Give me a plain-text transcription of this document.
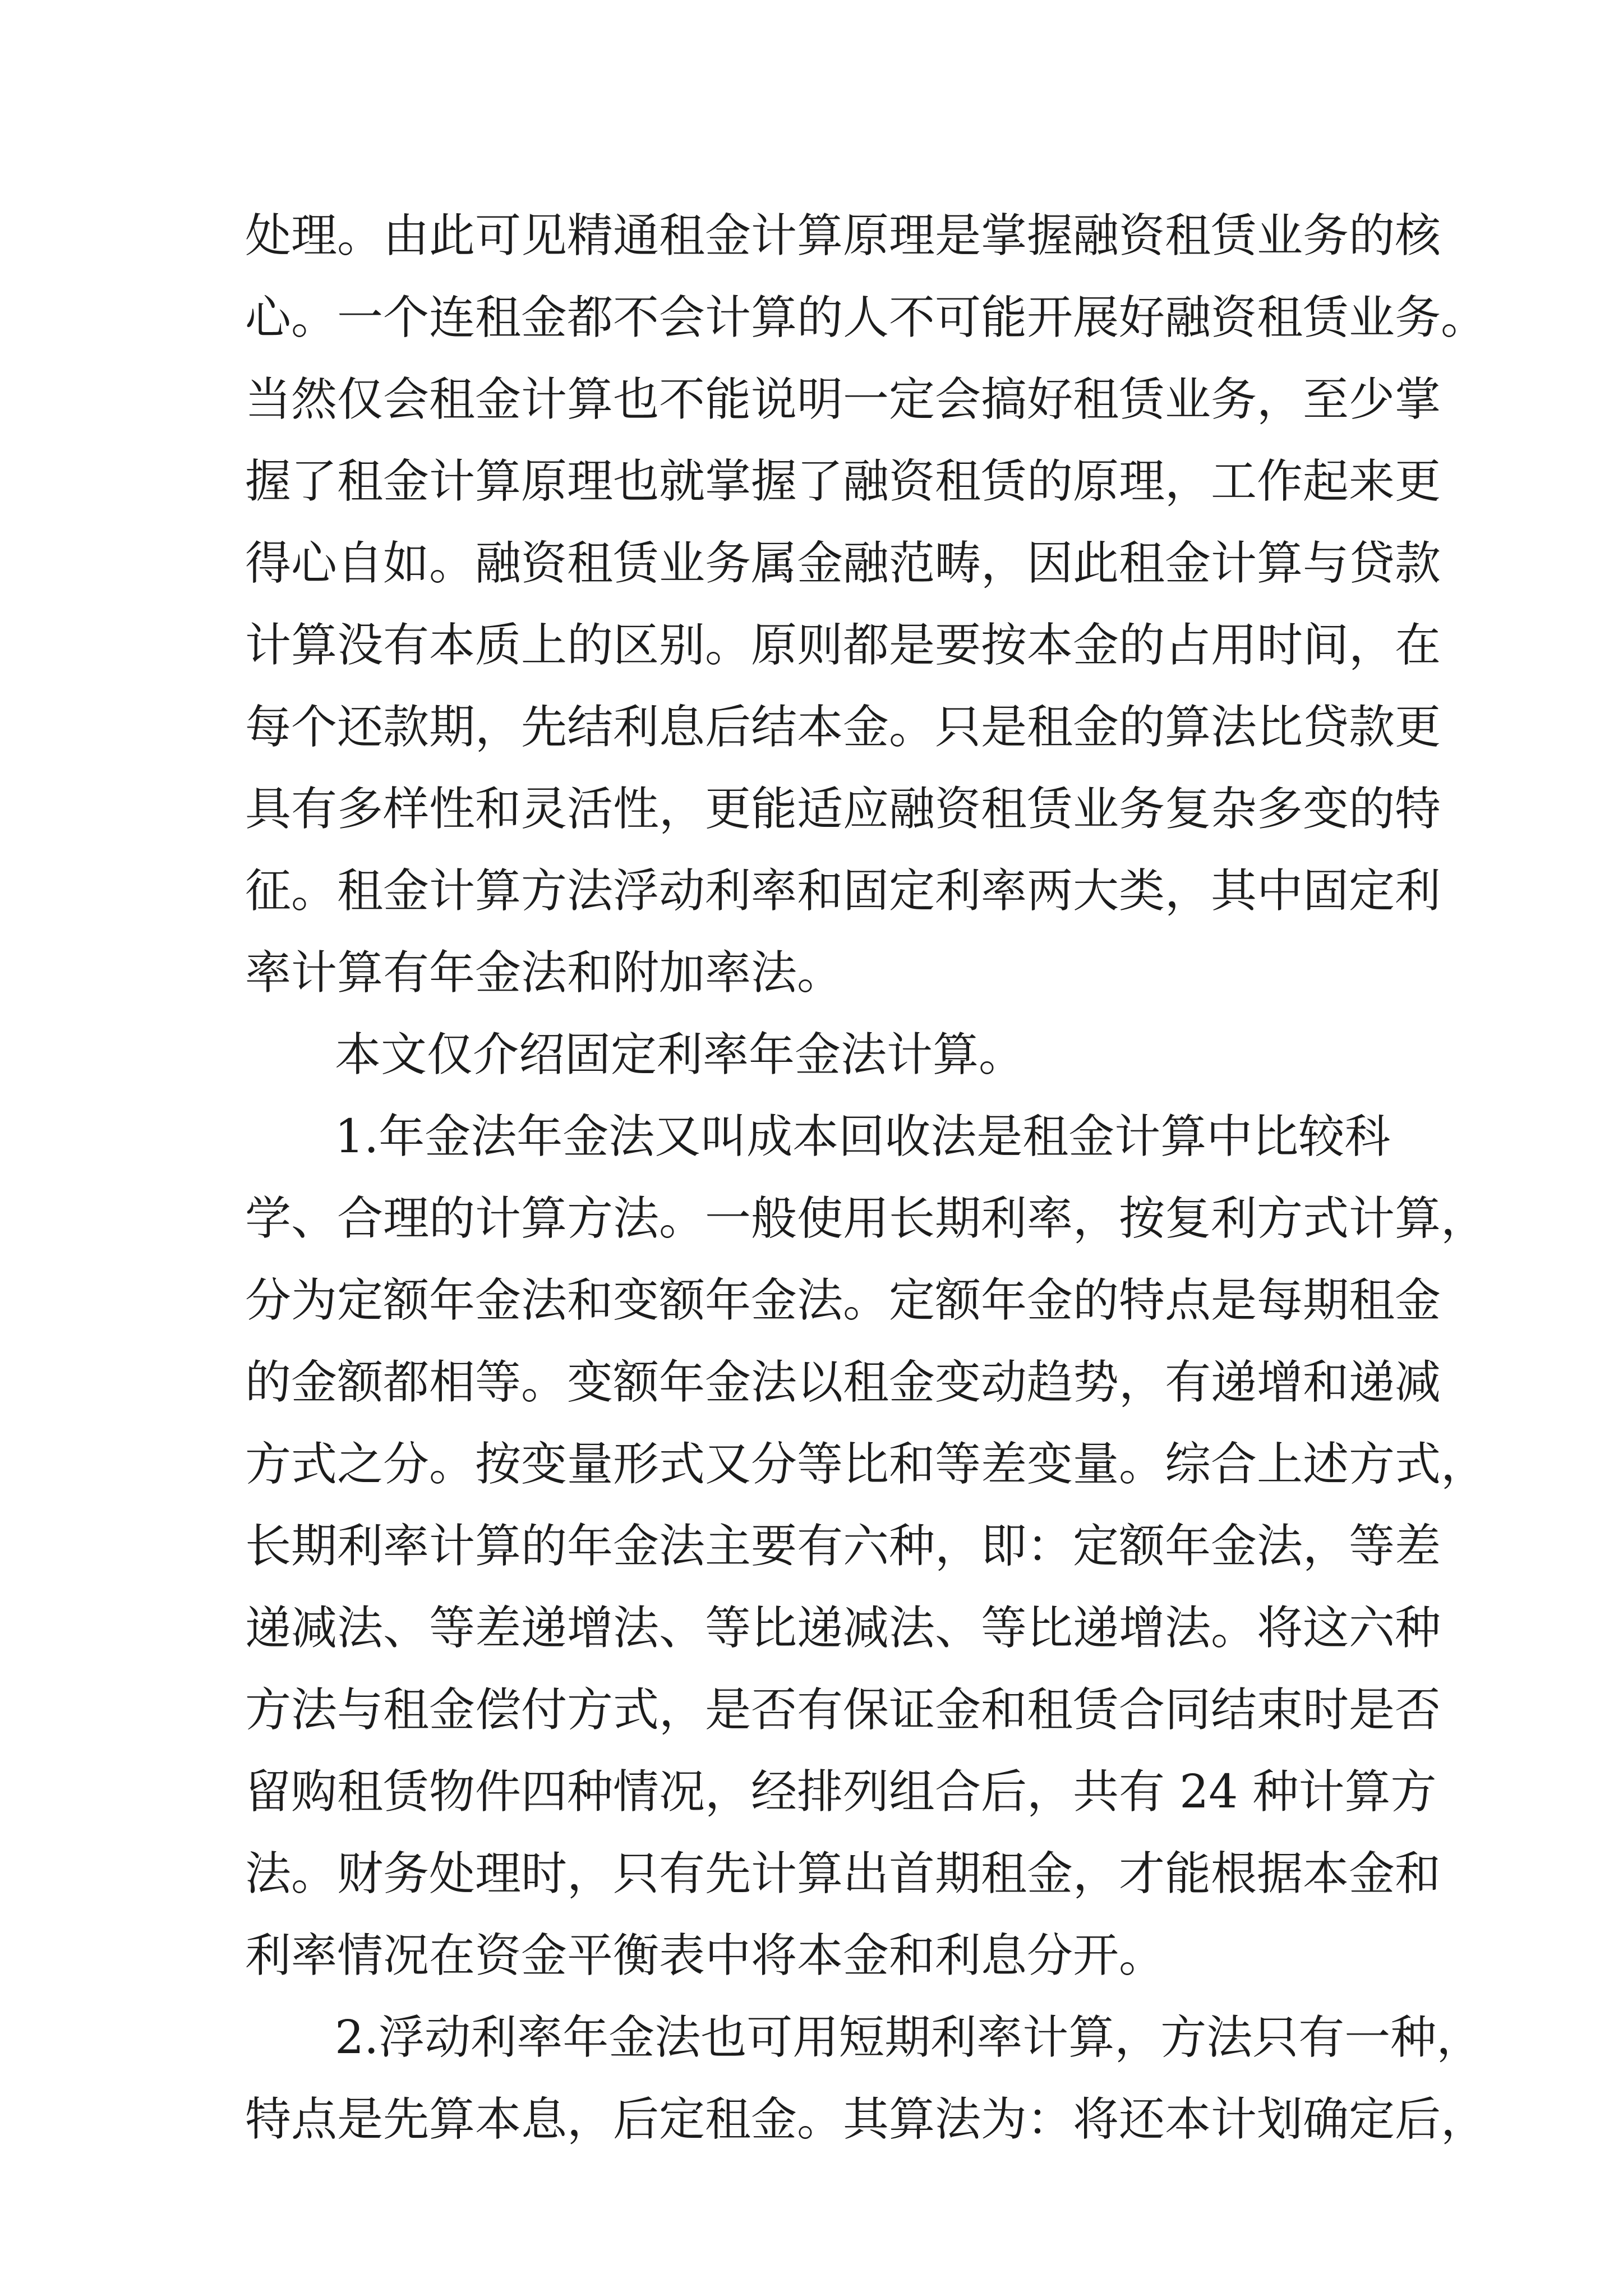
处理。由此可见精通租金计算原理是掌握融资租赁业务的核
心。一个连租金都不会计算的人不可能开展好融资租赁业务。
当然仅会租金计算也不能说明一定会搞好租赁业务，至少掌
握了租金计算原理也就掌握了融资租赁的原理，工作起来更
得心自如。融资租赁业务属金融范畴，因此租金计算与贷款
计算没有本质上的区别。原则都是要按本金的占用时间，在
每个还款期，先结利息后结本金。只是租金的算法比贷款更
具有多样性和灵活性，更能适应融资租赁业务复杂多变的特
征。租金计算方法浮动利率和固定利率两大类，其中固定利
率计算有年金法和附加率法。
本文仅介绍固定利率年金法计算。
1.年金法年金法又叫成本回收法是租金计算中比较科
学、合理的计算方法。一般使用长期利率，按复利方式计算，
分为定额年金法和变额年金法。定额年金的特点是每期租金
的金额都相等。变额年金法以租金变动趋势，有递增和递减
方式之分。按变量形式又分等比和等差变量。综合上述方式，
长期利率计算的年金法主要有六种，即：定额年金法，等差
递减法、等差递增法、等比递减法、等比递增法。将这六种
方法与租金偿付方式，是否有保证金和租赁合同结束时是否
留购租赁物件四种情况，经排列组合后，共有 24 种计算方
法。财务处理时，只有先计算出首期租金，才能根据本金和
利率情况在资金平衡表中将本金和利息分开。
2.浮动利率年金法也可用短期利率计算，方法只有一种，
特点是先算本息，后定租金。其算法为：将还本计划确定后，
